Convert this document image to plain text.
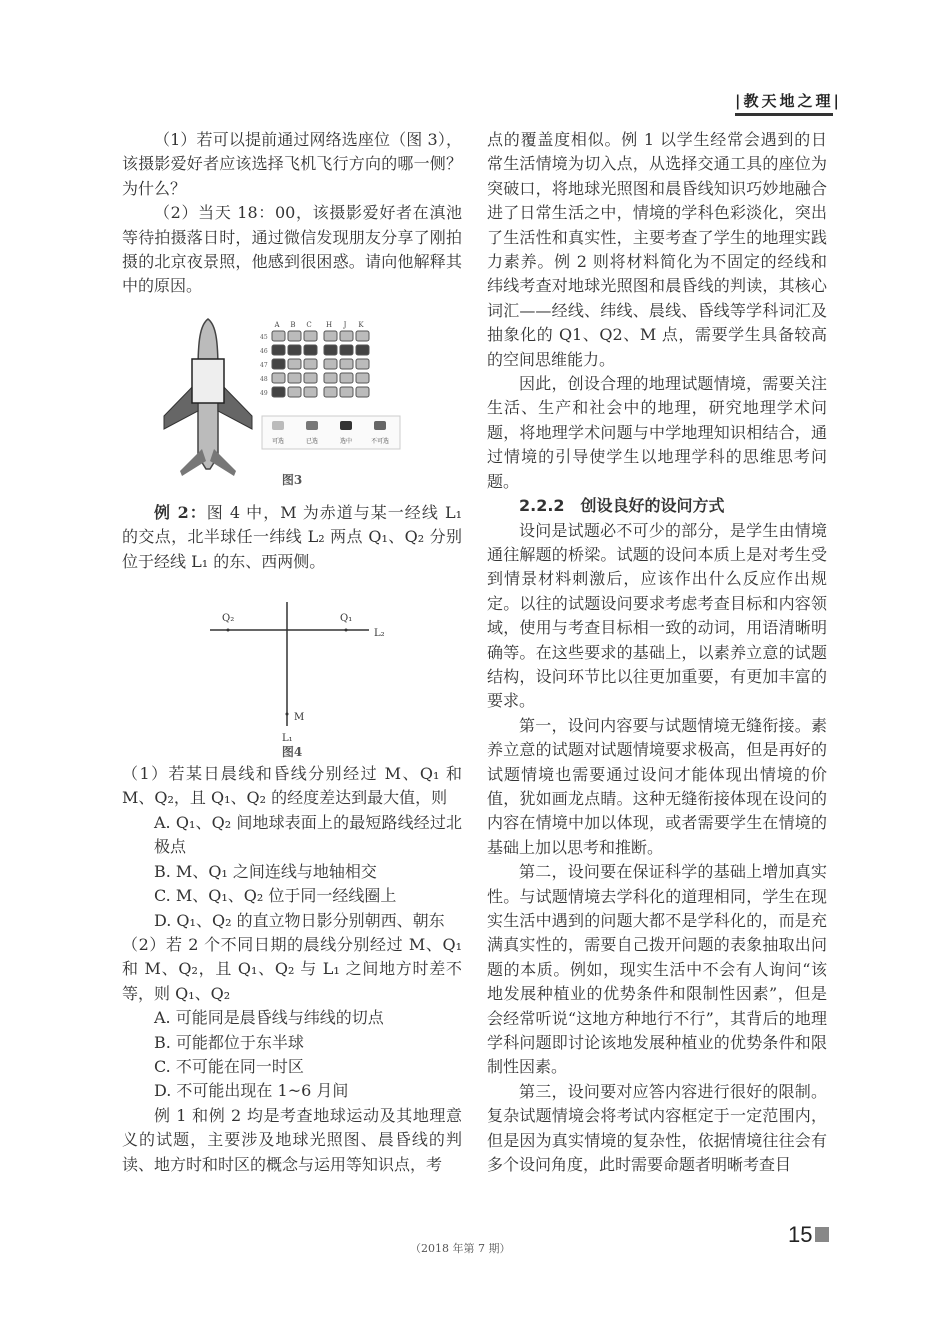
|教天地之理|

（1）若可以提前通过网络选座位（图 3），该摄影爱好者应该选择飞机飞行方向的哪一侧？为什么？

（2）当天 18：00，该摄影爱好者在滇池等待拍摄落日时，通过微信发现朋友分享了刚拍摄的北京夜景照，他感到很困惑。请向他解释其中的原因。

A B C H J K
45
46
47
48
49
可选	已选	选中	不可选
图3

例 2：图 4 中，M 为赤道与某一经线 L₁ 的交点，北半球任一纬线 L₂ 两点 Q₁、Q₂ 分别位于经线 L₁ 的东、西两侧。

Q₂	Q₁
L₂
M
L₁
图4

（1）若某日晨线和昏线分别经过 M、Q₁ 和 M、Q₂，且 Q₁、Q₂ 的经度差达到最大值，则

A. Q₁、Q₂ 间地球表面上的最短路线经过北极点

B. M、Q₁ 之间连线与地轴相交

C. M、Q₁、Q₂ 位于同一经线圈上

D. Q₁、Q₂ 的直立物日影分别朝西、朝东

（2）若 2 个不同日期的晨线分别经过 M、Q₁ 和 M、Q₂，且 Q₁、Q₂ 与 L₁ 之间地方时差不等，则 Q₁、Q₂

A. 可能同是晨昏线与纬线的切点

B. 可能都位于东半球

C. 不可能在同一时区

D. 不可能出现在 1~6 月间

例 1 和例 2 均是考查地球运动及其地理意义的试题，主要涉及地球光照图、晨昏线的判读、地方时和时区的概念与运用等知识点，考

点的覆盖度相似。例 1 以学生经常会遇到的日常生活情境为切入点，从选择交通工具的座位为突破口，将地球光照图和晨昏线知识巧妙地融合进了日常生活之中，情境的学科色彩淡化，突出了生活性和真实性，主要考查了学生的地理实践力素养。例 2 则将材料简化为不固定的经线和纬线考查对地球光照图和晨昏线的判读，其核心词汇——经线、纬线、晨线、昏线等学科词汇及抽象化的 Q1、Q2、M 点，需要学生具备较高的空间思维能力。

因此，创设合理的地理试题情境，需要关注生活、生产和社会中的地理，研究地理学术问题，将地理学术问题与中学地理知识相结合，通过情境的引导使学生以地理学科的思维思考问题。

2.2.2　创设良好的设问方式

设问是试题必不可少的部分，是学生由情境通往解题的桥梁。试题的设问本质上是对考生受到情景材料刺激后，应该作出什么反应作出规定。以往的试题设问要求考虑考查目标和内容领域，使用与考查目标相一致的动词，用语清晰明确等。在这些要求的基础上，以素养立意的试题结构，设问环节比以往更加重要，有更加丰富的要求。

第一，设问内容要与试题情境无缝衔接。素养立意的试题对试题情境要求极高，但是再好的试题情境也需要通过设问才能体现出情境的价值，犹如画龙点睛。这种无缝衔接体现在设问的内容在情境中加以体现，或者需要学生在情境的基础上加以思考和推断。

第二，设问要在保证科学的基础上增加真实性。与试题情境去学科化的道理相同，学生在现实生活中遇到的问题大都不是学科化的，而是充满真实性的，需要自己拨开问题的表象抽取出问题的本质。例如，现实生活中不会有人询问“该地发展种植业的优势条件和限制性因素”，但是会经常听说“这地方种地行不行”，其背后的地理学科问题即讨论该地发展种植业的优势条件和限制性因素。

第三，设问要对应答内容进行很好的限制。复杂试题情境会将考试内容框定于一定范围内，但是因为真实情境的复杂性，依据情境往往会有多个设问角度，此时需要命题者明晰考查目

（2018 年第 7 期）
15
